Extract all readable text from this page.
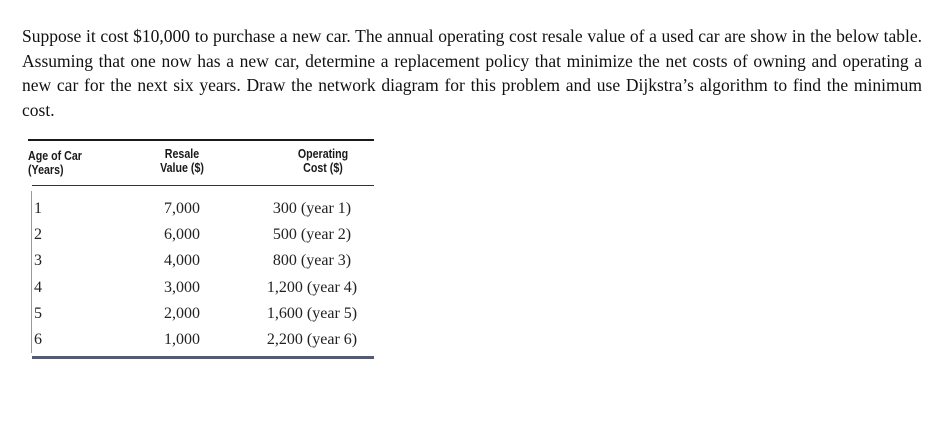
Suppose it cost $10,000 to purchase a new car. The annual operating cost resale value of a used car are show in the below table. Assuming that one now has a new car, determine a replacement policy that minimize the net costs of owning and operating a new car for the next six years. Draw the network diagram for this problem and use Dijkstra’s algorithm to find the minimum cost.

Age of Car
(Years)
Resale
Value ($)
Operating
Cost ($)
1
2
3
4
5
6
7,000
6,000
4,000
3,000
2,000
1,000
300 (year 1)
500 (year 2)
800 (year 3)
1,200 (year 4)
1,600 (year 5)
2,200 (year 6)
